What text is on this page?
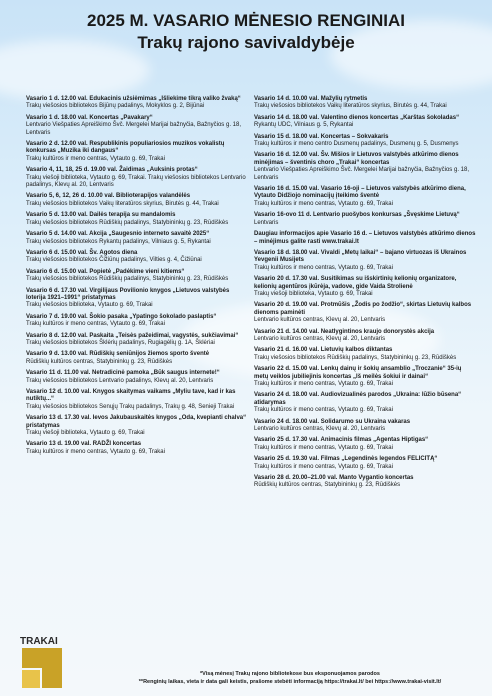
2025 M. VASARIO MĖNESIO RENGINIAI
Trakų rajono savivaldybėje
Vasario 1 d. 12.00 val. Edukacinis užsiėmimas „Išliekime tikrą valiko žvaką“
Trakų viešosios bibliotekos Bijūnų padalinys, Mokyklos g. 2, Bijūnai
Vasario 1 d. 18.00 val. Koncertas „Pavakary“
Lentvario Viešpaties Apreiškimo Švč. Mergelei Marijai bažnyčia, Bažnyčios g. 18, Lentvaris
Vasario 2 d. 12.00 val. Respublikinis populiariosios muzikos vokalistų konkursas „Muzika iki dangaus“
Trakų kultūros ir meno centras, Vytauto g. 69, Trakai
Vasario 4, 11, 18, 25 d. 19.00 val. Žaidimas „Auksinis protas“
Trakų viešoji biblioteka, Vytauto g. 69, Trakai. Trakų viešosios bibliotekos Lentvario padalinys, Klevų al. 20, Lentvaris
Vasario 5, 6, 12, 26 d. 10.00 val. Biblioterapijos valandėlės
Trakų viešosios bibliotekos Vaikų literatūros skyrius, Birutės g. 44, Trakai
Vasario 5 d. 13.00 val. Dailės terapija su mandalomis
Trakų viešosios bibliotekos Rūdiškių padalinys, Statybininkų g. 23, Rūdiškės
Vasario 5 d. 14.00 val. Akcija „Saugesnio interneto savaitė 2025“
Trakų viešosios bibliotekos Rykantų padalinys, Vilniaus g. 5, Rykantai
Vasario 6 d. 15.00 val. Šv. Agotos diena
Trakų viešosios bibliotekos Čižiūnų padalinys, Vilties g. 4, Čižiūnai
Vasario 6 d. 15.00 val. Popietė „Padėkime vieni kitiems“
Trakų viešosios bibliotekos Rūdiškių padalinys, Statybininkų g. 23, Rūdiškės
Vasario 6 d. 17.30 val. Virgilijaus Povilionio knygos „Lietuvos valstybės loterija 1921–1991“ pristatymas
Trakų viešosios biblioteka, Vytauto g. 69, Trakai
Vasario 7 d. 19.00 val. Šokio pasaka „Ypatingo šokolado paslaptis“
Trakų kultūros ir meno centras, Vytauto g. 69, Trakai
Vasario 8 d. 12.00 val. Paskaita „Teisės pažeidimai, vagystės, sukčiavimai“
Trakų viešosios bibliotekos Šklėrių padalinys, Rugiagėlių g. 1A, Šklėriai
Vasario 9 d. 13.00 val. Rūdiškių seniūnijos žiemos sporto šventė
Rūdiškių kultūros centras, Statybininkų g. 23, Rūdiškės
Vasario 11 d. 11.00 val. Netradicinė pamoka „Būk saugus internete!“
Trakų viešosios bibliotekos Lentvario padalinys, Klevų al. 20, Lentvaris
Vasario 12 d. 10.00 val. Knygos skaitymas vaikams „Myliu tave, kad ir kas nutiktų...“
Trakų viešosios bibliotekos Senųjų Trakų padalinys, Trakų g. 48, Senieji Trakai
Vasario 13 d. 17.30 val. Ievos Jakubauskaitės knygos „Oda, kvepianti chalva“ pristatymas
Trakų viešoji biblioteka, Vytauto g. 69, Trakai
Vasario 13 d. 19.00 val. RADŽI koncertas
Trakų kultūros ir meno centras, Vytauto g. 69, Trakai
Vasario 14 d. 10.00 val. Mažylių rytmetis
Trakų viešosios bibliotekos Vaikų literatūros skyrius, Birutės g. 44, Trakai
Vasario 14 d. 18.00 val. Valentino dienos koncertas „Karštas šokoladas“
Rykantų UDC, Vilniaus g. 5, Rykantai
Vasario 15 d. 18.00 val. Koncertas – Sokvakaris
Trakų kultūros ir meno centro Dusmenų padalinys, Dusmenų g. 5, Dusmenys
Vasario 16 d. 12.00 val. Šv. Mišios ir Lietuvos valstybės atkūrimo dienos minėjimas – šventinis choro „Trakai“ koncertas
Lentvario Viešpaties Apreiškimo Švč. Mergelei Marijai bažnyčia, Bažnyčios g. 18, Lentvaris
Vasario 16 d. 15.00 val. Vasario 16-oji – Lietuvos valstybės atkūrimo diena, Vytauto Didžiojo nominacijų įteikimo šventė
Trakų kultūros ir meno centras, Vytauto g. 69, Trakai
Vasario 16-ovo 11 d. Lentvario puošybos konkursas „Švęskime Lietuvą“
Lentvaris
Daugiau informacijos apie Vasario 16 d. – Lietuvos valstybės atkūrimo dienos – minėjimus galite rasti www.trakai.lt
Vasario 18 d. 18.00 val. Vivaldi „Metų laikai“ – bajano virtuozas iš Ukrainos Yevgenii Musijets
Trakų kultūros ir meno centras, Vytauto g. 69, Trakai
Vasario 20 d. 17.30 val. Susitikimas su išskirtinių kelionių organizatore, kelionių agentūros įkūrėja, vadove, gide Vaida Strolienė
Trakų viešoji biblioteka, Vytauto g. 69, Trakai
Vasario 20 d. 19.00 val. Protmūšis „Žodis po žodžio“, skirtas Lietuvių kalbos dienoms paminėti
Lentvario kultūros centras, Klevų al. 20, Lentvaris
Vasario 21 d. 14.00 val. Neatlygintinos kraujo donorystės akcija
Lentvario kultūros centras, Klevų al. 20, Lentvaris
Vasario 21 d. 16.00 val. Lietuvių kalbos diktantas
Trakų viešosios bibliotekos Rūdiškių padalinys, Statybininkų g. 23, Rūdiškės
Vasario 22 d. 15.00 val. Lenkų dainų ir šokių ansamblio „Troczanie“ 35-ių metų veiklos jubiliejinis koncertas „Iš meilės šokiui ir dainai“
Trakų kultūros ir meno centras, Vytauto g. 69, Trakai
Vasario 24 d. 18.00 val. Audiovizualinės parodos „Ukraina: lūžio būsena“ atidarymas
Trakų kultūros ir meno centras, Vytauto g. 69, Trakai
Vasario 24 d. 18.00 val. Solidarumo su Ukraina vakaras
Lentvario kultūros centras, Klevų al. 20, Lentvaris
Vasario 25 d. 17.30 val. Animacinis filmas „Agentas Hiptigas“
Trakų kultūros ir meno centras, Vytauto g. 69, Trakai
Vasario 25 d. 19.30 val. Filmas „Legendinės legendos FELICITĄ“
Trakų kultūros ir meno centras, Vytauto g. 69, Trakai
Vasario 28 d. 20.00–21.00 val. Manto Vygantio koncertas
Rūdiškių kultūros centras, Statybininkų g. 23, Rūdiškės
TRAKAI
*Visą mėnesį Trakų rajono bibliotekose bus eksponuojamos parodos
**Renginių laikas, vieta ir data gali keistis, prašome stebėti informaciją https://trakai.lt/ bei https://www.trakai-visit.lt/
